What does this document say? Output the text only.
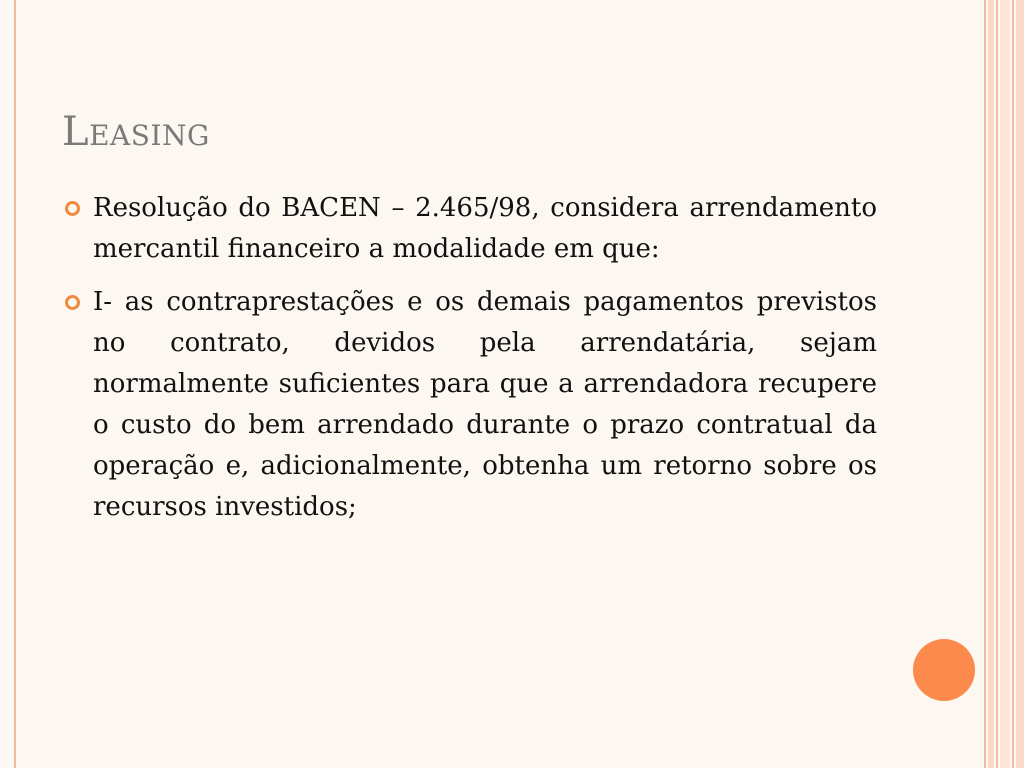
Leasing
Resolução do BACEN – 2.465/98, considera arrendamento mercantil financeiro a modalidade em que:
I- as contraprestações e os demais pagamentos previstos no contrato, devidos pela arrendatária, sejam normalmente suficientes para que a arrendadora recupere o custo do bem arrendado durante o prazo contratual da operação e, adicionalmente, obtenha um retorno sobre os recursos investidos;
